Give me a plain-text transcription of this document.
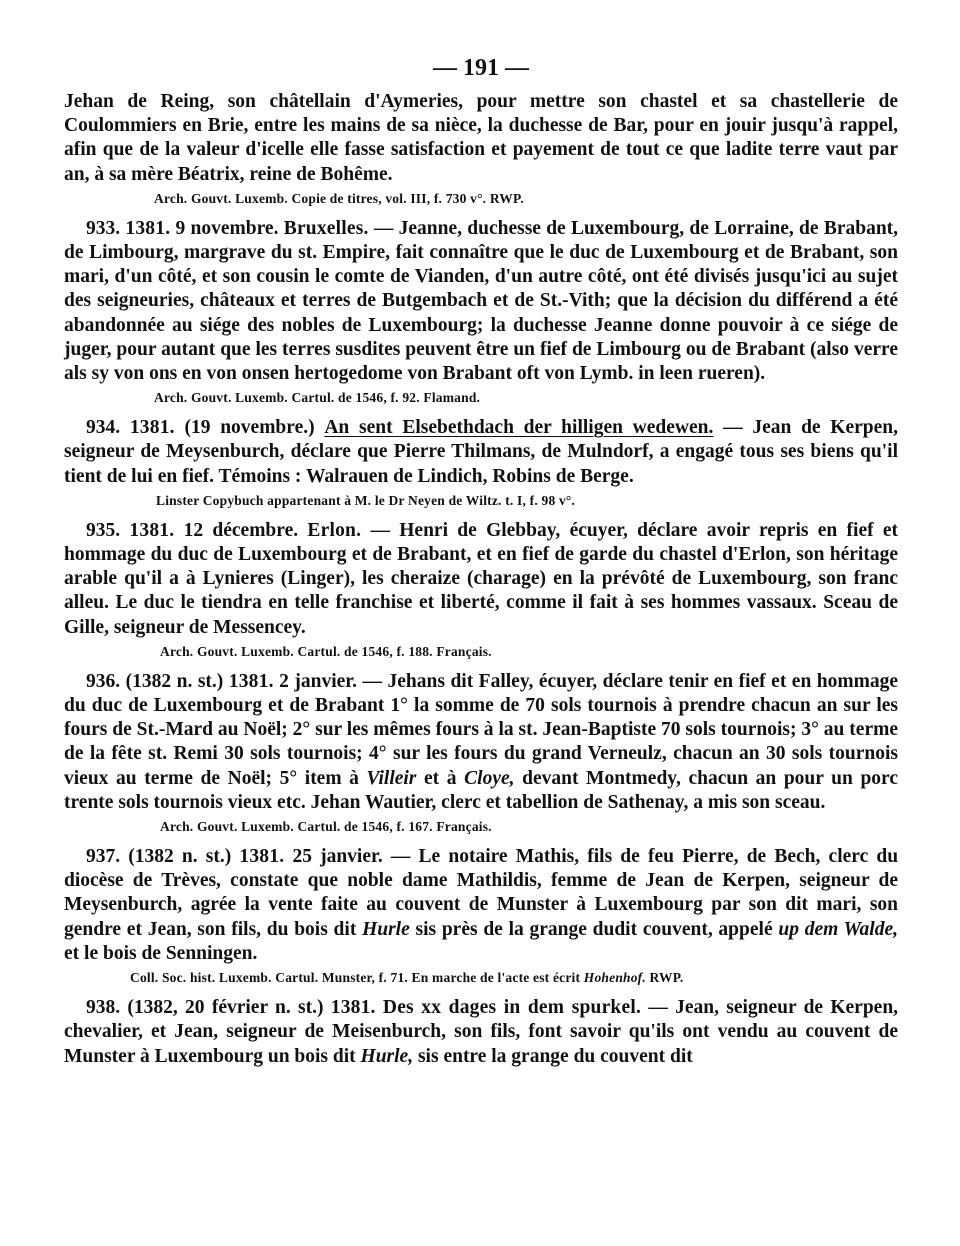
— 191 —

Jehan de Reing, son châtellain d'Aymeries, pour mettre son chastel et sa chastellerie de Coulommiers en Brie, entre les mains de sa nièce, la duchesse de Bar, pour en jouir jusqu'à rappel, afin que de la valeur d'icelle elle fasse satisfaction et payement de tout ce que ladite terre vaut par an, à sa mère Béatrix, reine de Bohême.

Arch. Gouvt. Luxemb. Copie de titres, vol. III, f. 730 v°. RWP.

933. 1381. 9 novembre. Bruxelles. — Jeanne, duchesse de Luxembourg, de Lorraine, de Brabant, de Limbourg, margrave du st. Empire, fait connaître que le duc de Luxembourg et de Brabant, son mari, d'un côté, et son cousin le comte de Vianden, d'un autre côté, ont été divisés jusqu'ici au sujet des seigneuries, châteaux et terres de Butgembach et de St.-Vith; que la décision du différend a été abandonnée au siége des nobles de Luxembourg; la duchesse Jeanne donne pouvoir à ce siége de juger, pour autant que les terres susdites peuvent être un fief de Limbourg ou de Brabant (also verre als sy von ons en von onsen hertogedome von Brabant oft von Lymb. in leen rueren).

Arch. Gouvt. Luxemb. Cartul. de 1546, f. 92. Flamand.

934. 1381. (19 novembre.) An sent Elsebethdach der hilligen wedewen. — Jean de Kerpen, seigneur de Meysenburch, déclare que Pierre Thilmans, de Mulndorf, a engagé tous ses biens qu'il tient de lui en fief. Témoins : Walrauen de Lindich, Robins de Berge.

Linster Copybuch appartenant à M. le Dr Neyen de Wiltz. t. I, f. 98 v°.

935. 1381. 12 décembre. Erlon. — Henri de Glebbay, écuyer, déclare avoir repris en fief et hommage du duc de Luxembourg et de Brabant, et en fief de garde du chastel d'Erlon, son héritage arable qu'il a à Lynieres (Linger), les cheraize (charage) en la prévôté de Luxembourg, son franc alleu. Le duc le tiendra en telle franchise et liberté, comme il fait à ses hommes vassaux. Sceau de Gille, seigneur de Messencey.

Arch. Gouvt. Luxemb. Cartul. de 1546, f. 188. Français.

936. (1382 n. st.) 1381. 2 janvier. — Jehans dit Falley, écuyer, déclare tenir en fief et en hommage du duc de Luxembourg et de Brabant 1° la somme de 70 sols tournois à prendre chacun an sur les fours de St.-Mard au Noël; 2° sur les mêmes fours à la st. Jean-Baptiste 70 sols tournois; 3° au terme de la fête st. Remi 30 sols tournois; 4° sur les fours du grand Verneulz, chacun an 30 sols tournois vieux au terme de Noël; 5° item à Villeir et à Cloye, devant Montmedy, chacun an pour un porc trente sols tournois vieux etc. Jehan Wautier, clerc et tabellion de Sathenay, a mis son sceau.

Arch. Gouvt. Luxemb. Cartul. de 1546, f. 167. Français.

937. (1382 n. st.) 1381. 25 janvier. — Le notaire Mathis, fils de feu Pierre, de Bech, clerc du diocèse de Trèves, constate que noble dame Mathildis, femme de Jean de Kerpen, seigneur de Meysenburch, agrée la vente faite au couvent de Munster à Luxembourg par son dit mari, son gendre et Jean, son fils, du bois dit Hurle sis près de la grange dudit couvent, appelé up dem Walde, et le bois de Senningen.

Coll. Soc. hist. Luxemb. Cartul. Munster, f. 71. En marche de l'acte est écrit Hohenhof. RWP.

938. (1382, 20 février n. st.) 1381. Des xx dages in dem spurkel. — Jean, seigneur de Kerpen, chevalier, et Jean, seigneur de Meisenburch, son fils, font savoir qu'ils ont vendu au couvent de Munster à Luxembourg un bois dit Hurle, sis entre la grange du couvent dit
